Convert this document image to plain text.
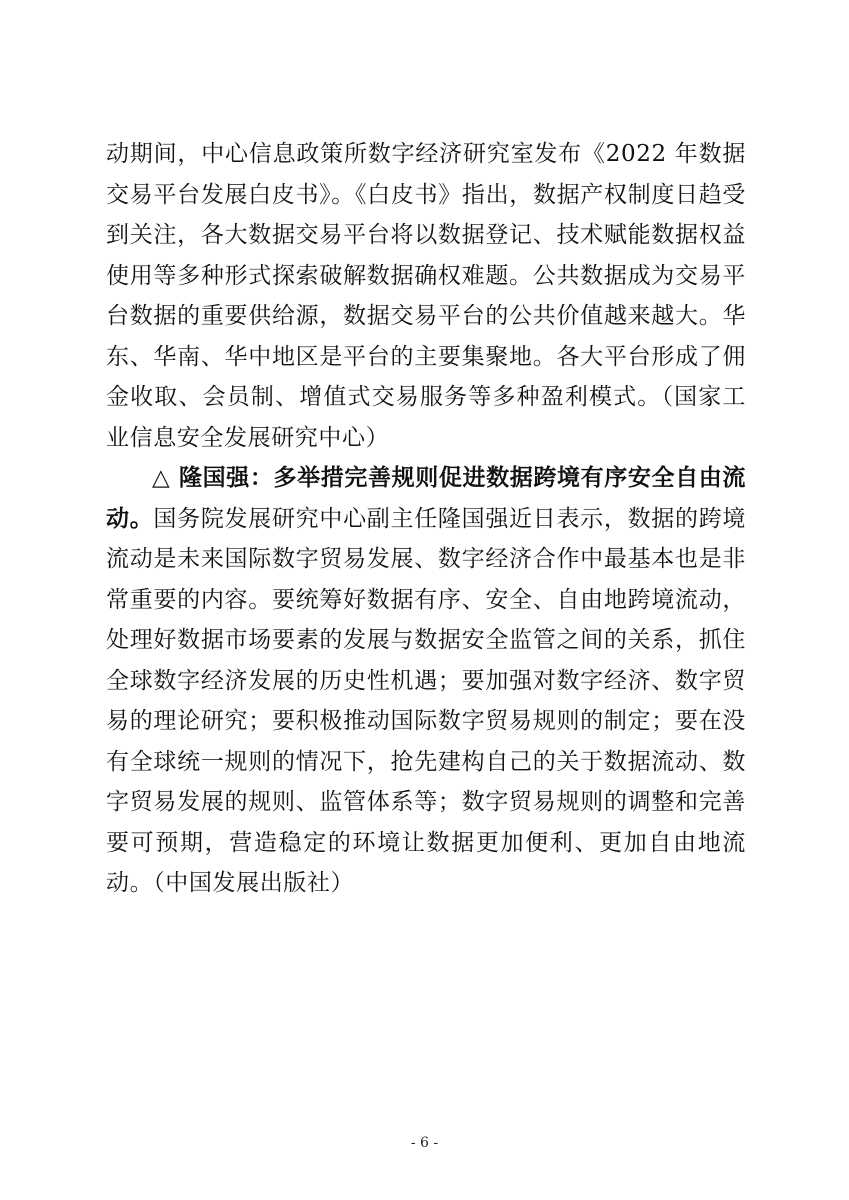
动期间，中心信息政策所数字经济研究室发布《2022 年数据交易平台发展白皮书》。《白皮书》指出，数据产权制度日趋受到关注，各大数据交易平台将以数据登记、技术赋能数据权益使用等多种形式探索破解数据确权难题。公共数据成为交易平台数据的重要供给源，数据交易平台的公共价值越来越大。华东、华南、华中地区是平台的主要集聚地。各大平台形成了佣金收取、会员制、增值式交易服务等多种盈利模式。（国家工业信息安全发展研究中心）

△ 隆国强：多举措完善规则促进数据跨境有序安全自由流动。国务院发展研究中心副主任隆国强近日表示，数据的跨境流动是未来国际数字贸易发展、数字经济合作中最基本也是非常重要的内容。要统筹好数据有序、安全、自由地跨境流动，处理好数据市场要素的发展与数据安全监管之间的关系，抓住全球数字经济发展的历史性机遇；要加强对数字经济、数字贸易的理论研究；要积极推动国际数字贸易规则的制定；要在没有全球统一规则的情况下，抢先建构自己的关于数据流动、数字贸易发展的规则、监管体系等；数字贸易规则的调整和完善要可预期，营造稳定的环境让数据更加便利、更加自由地流动。（中国发展出版社）

- 6 -
